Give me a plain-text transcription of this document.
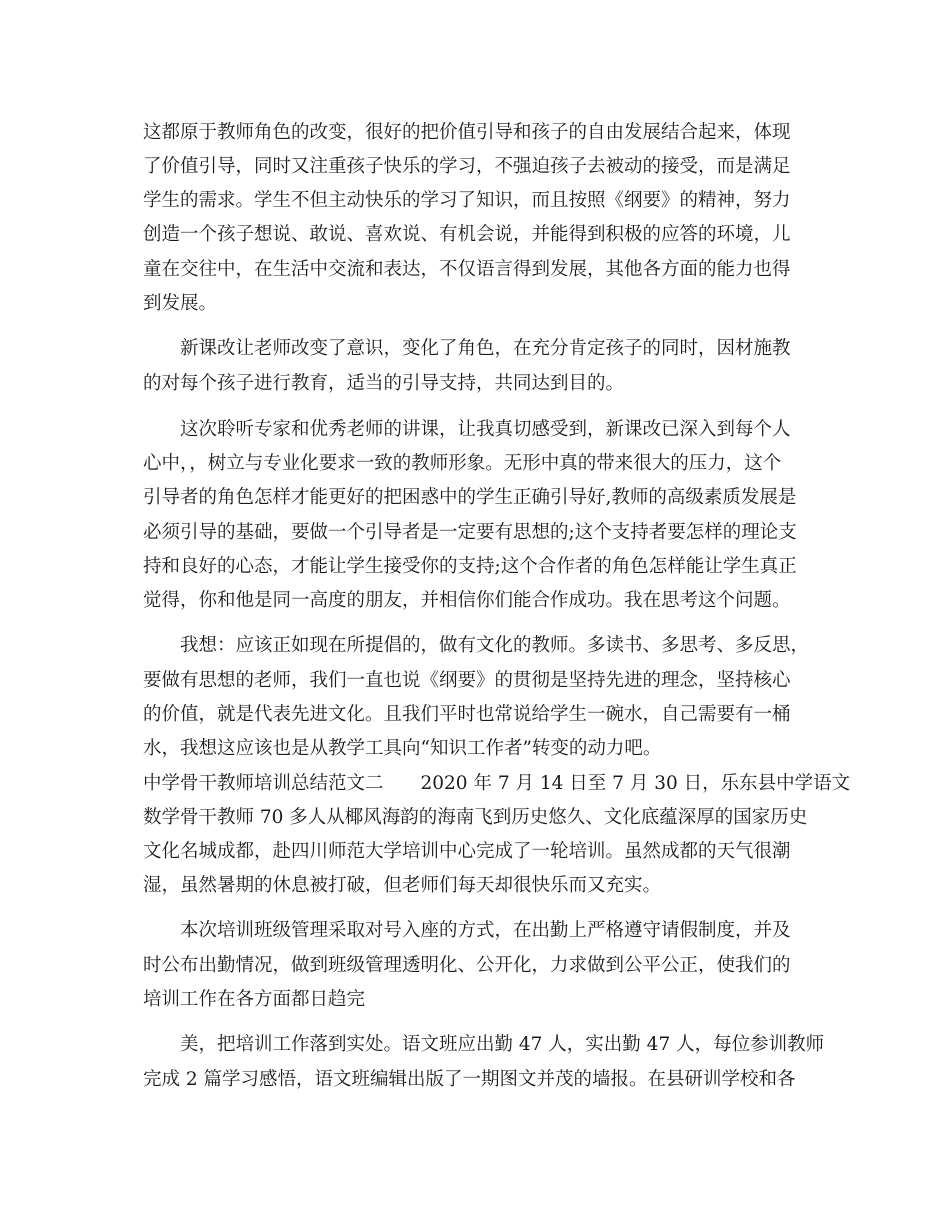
这都原于教师角色的改变，很好的把价值引导和孩子的自由发展结合起来，体现

了价值引导，同时又注重孩子快乐的学习，不强迫孩子去被动的接受，而是满足

学生的需求。学生不但主动快乐的学习了知识，而且按照《纲要》的精神，努力

创造一个孩子想说、敢说、喜欢说、有机会说，并能得到积极的应答的环境，儿

童在交往中，在生活中交流和表达，不仅语言得到发展，其他各方面的能力也得

到发展。

新课改让老师改变了意识，变化了角色，在充分肯定孩子的同时，因材施教

的对每个孩子进行教育，适当的引导支持，共同达到目的。

这次聆听专家和优秀老师的讲课，让我真切感受到，新课改已深入到每个人

心中，，树立与专业化要求一致的教师形象。无形中真的带来很大的压力，这个

引导者的角色怎样才能更好的把困惑中的学生正确引导好,教师的高级素质发展是

必须引导的基础，要做一个引导者是一定要有思想的;这个支持者要怎样的理论支

持和良好的心态，才能让学生接受你的支持;这个合作者的角色怎样能让学生真正

觉得，你和他是同一高度的朋友，并相信你们能合作成功。我在思考这个问题。

我想：应该正如现在所提倡的，做有文化的教师。多读书、多思考、多反思，

要做有思想的老师，我们一直也说《纲要》的贯彻是坚持先进的理念，坚持核心

的价值，就是代表先进文化。且我们平时也常说给学生一碗水，自己需要有一桶

水，我想这应该也是从教学工具向“知识工作者”转变的动力吧。

中学骨干教师培训总结范文二　　2020 年 7 月 14 日至 7 月 30 日，乐东县中学语文

数学骨干教师 70 多人从椰风海韵的海南飞到历史悠久、文化底蕴深厚的国家历史

文化名城成都，赴四川师范大学培训中心完成了一轮培训。虽然成都的天气很潮

湿，虽然暑期的休息被打破，但老师们每天却很快乐而又充实。

本次培训班级管理采取对号入座的方式，在出勤上严格遵守请假制度，并及

时公布出勤情况，做到班级管理透明化、公开化，力求做到公平公正，使我们的

培训工作在各方面都日趋完

美，把培训工作落到实处。语文班应出勤 47 人，实出勤 47 人，每位参训教师

完成 2 篇学习感悟，语文班编辑出版了一期图文并茂的墙报。在县研训学校和各
